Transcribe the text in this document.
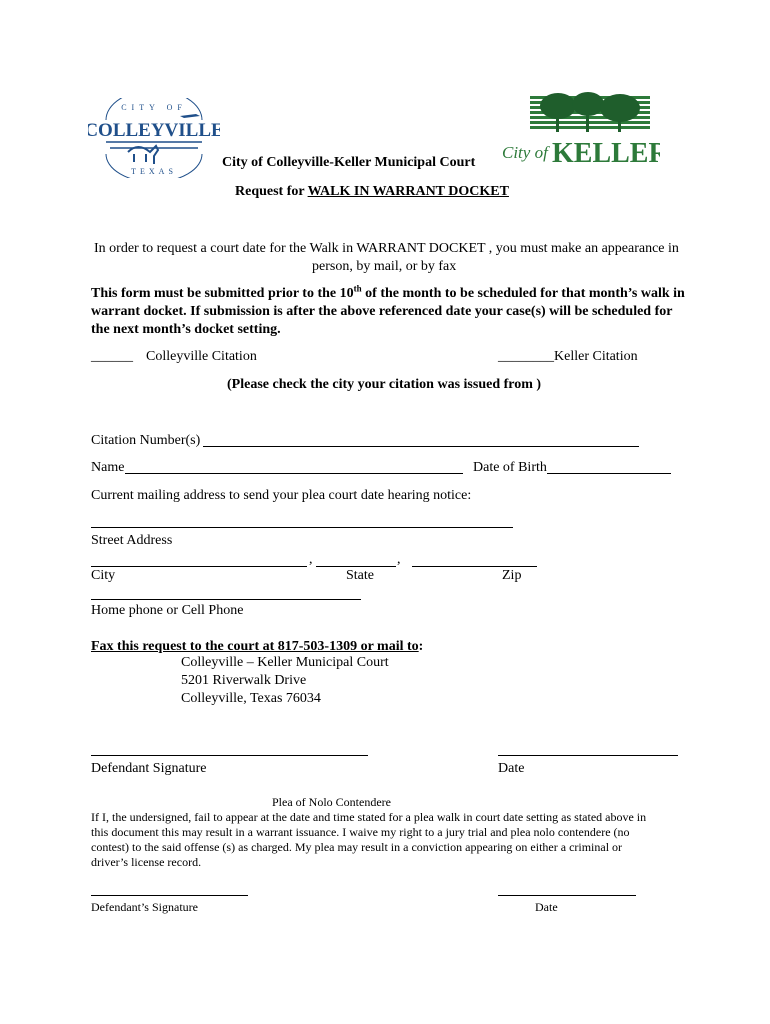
CITY OF
COLLEYVILLE
TEXAS
City of KELLER
City of Colleyville-Keller Municipal Court
Request for WALK IN WARRANT DOCKET
In order to request a court date for the Walk in WARRANT DOCKET , you must make an appearance in
person, by mail, or by fax
This form must be submitted prior to the 10th of the month to be scheduled for that month’s walk in
warrant docket. If submission is after the above referenced date your case(s) will be scheduled for
the next month’s docket setting.
______ Colleyville Citation	________ Keller Citation
(Please check the city your citation was issued from )
Citation Number(s)
Name	Date of Birth
Current mailing address to send your plea court date hearing notice:
Street Address
,	,
City	State	Zip
Home phone or Cell Phone
Fax this request to the court at 817-503-1309 or mail to:
Colleyville – Keller Municipal Court
5201 Riverwalk Drive
Colleyville, Texas 76034
Defendant Signature	Date
Plea of Nolo Contendere
If I, the undersigned, fail to appear at the date and time stated for a plea walk in court date setting as stated above in
this document this may result in a warrant issuance. I waive my right to a jury trial and plea nolo contendere (no
contest) to the said offense (s) as charged. My plea may result in a conviction appearing on either a criminal or
driver’s license record.
Defendant’s Signature	Date
